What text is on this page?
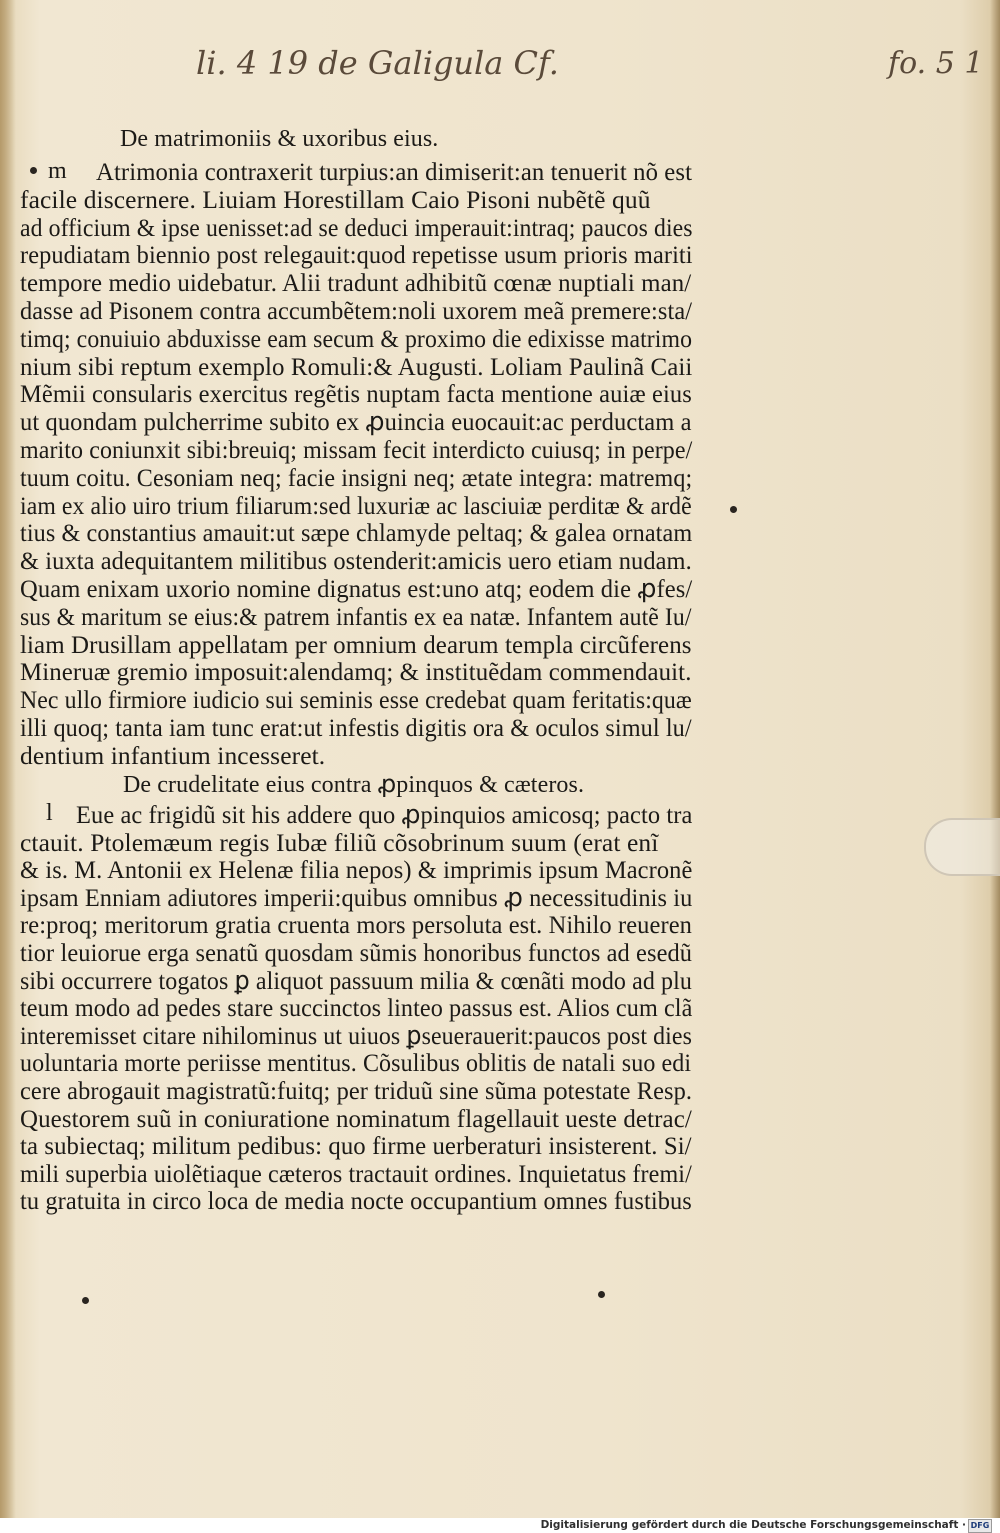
li. 4 19 de Galigula Cf.	fo. 5 1
De matrimoniis & uxoribus eius.
m Atrimonia contraxerit turpius:an dimiserit:an tenuerit nõ est
facile discernere. Liuiam Horestillam Caio Pisoni nubẽtẽ quũ
ad officium & ipse uenisset:ad se deduci imperauit:intraq; paucos dies
repudiatam biennio post relegauit:quod repetisse usum prioris mariti
tempore medio uidebatur. Alii tradunt adhibitũ cœnæ nuptiali man/
dasse ad Pisonem contra accumbẽtem:noli uxorem meã premere:sta/
timq; conuiuio abduxisse eam secum & proximo die edixisse matrimo
nium sibi reptum exemplo Romuli:& Augusti. Loliam Paulinã Caii
Mẽmii consularis exercitus regẽtis nuptam facta mentione auiæ eius
ut quondam pulcherrime subito ex ꝓuincia euocauit:ac perductam a
marito coniunxit sibi:breuiq; missam fecit interdicto cuiusq; in perpe/
tuum coitu. Cesoniam neq; facie insigni neq; ætate integra: matremq;
iam ex alio uiro trium filiarum:sed luxuriæ ac lasciuiæ perditæ & ardẽ
tius & constantius amauit:ut sæpe chlamyde peltaq; & galea ornatam
& iuxta adequitantem militibus ostenderit:amicis uero etiam nudam.
Quam enixam uxorio nomine dignatus est:uno atq; eodem die ꝓfes/
sus & maritum se eius:& patrem infantis ex ea natæ. Infantem autẽ Iu/
liam Drusillam appellatam per omnium dearum templa circũferens
Mineruæ gremio imposuit:alendamq; & instituẽdam commendauit.
Nec ullo firmiore iudicio sui seminis esse credebat quam feritatis:quæ
illi quoq; tanta iam tunc erat:ut infestis digitis ora & oculos simul lu/
dentium infantium incesseret.
De crudelitate eius contra ꝓpinquos & cæteros.
l Eue ac frigidũ sit his addere quo ꝓpinquios amicosq; pacto tra
ctauit. Ptolemæum regis Iubæ filiũ cõsobrinum suum (erat enĩ
& is. M. Antonii ex Helenæ filia nepos) & imprimis ipsum Macronẽ
ipsam Enniam adiutores imperii:quibus omnibus ꝓ necessitudinis iu
re:proq; meritorum gratia cruenta mors persoluta est. Nihilo reueren
tior leuiorue erga senatũ quosdam sũmis honoribus functos ad esedũ
sibi occurrere togatos ꝑ aliquot passuum milia & cœnãti modo ad plu
teum modo ad pedes stare succinctos linteo passus est. Alios cum clã
interemisset citare nihilominus ut uiuos ꝑseuerauerit:paucos post dies
uoluntaria morte periisse mentitus. Cõsulibus oblitis de natali suo edi
cere abrogauit magistratũ:fuitq; per triduũ sine sũma potestate Resp.
Questorem suũ in coniuratione nominatum flagellauit ueste detrac/
ta subiectaq; militum pedibus: quo firme uerberaturi insisterent. Si/
mili superbia uiolẽtiaque cæteros tractauit ordines. Inquietatus fremi/
tu gratuita in circo loca de media nocte occupantium omnes fustibus
Digitalisierung gefördert durch die Deutsche Forschungsgemeinschaft · DFG
